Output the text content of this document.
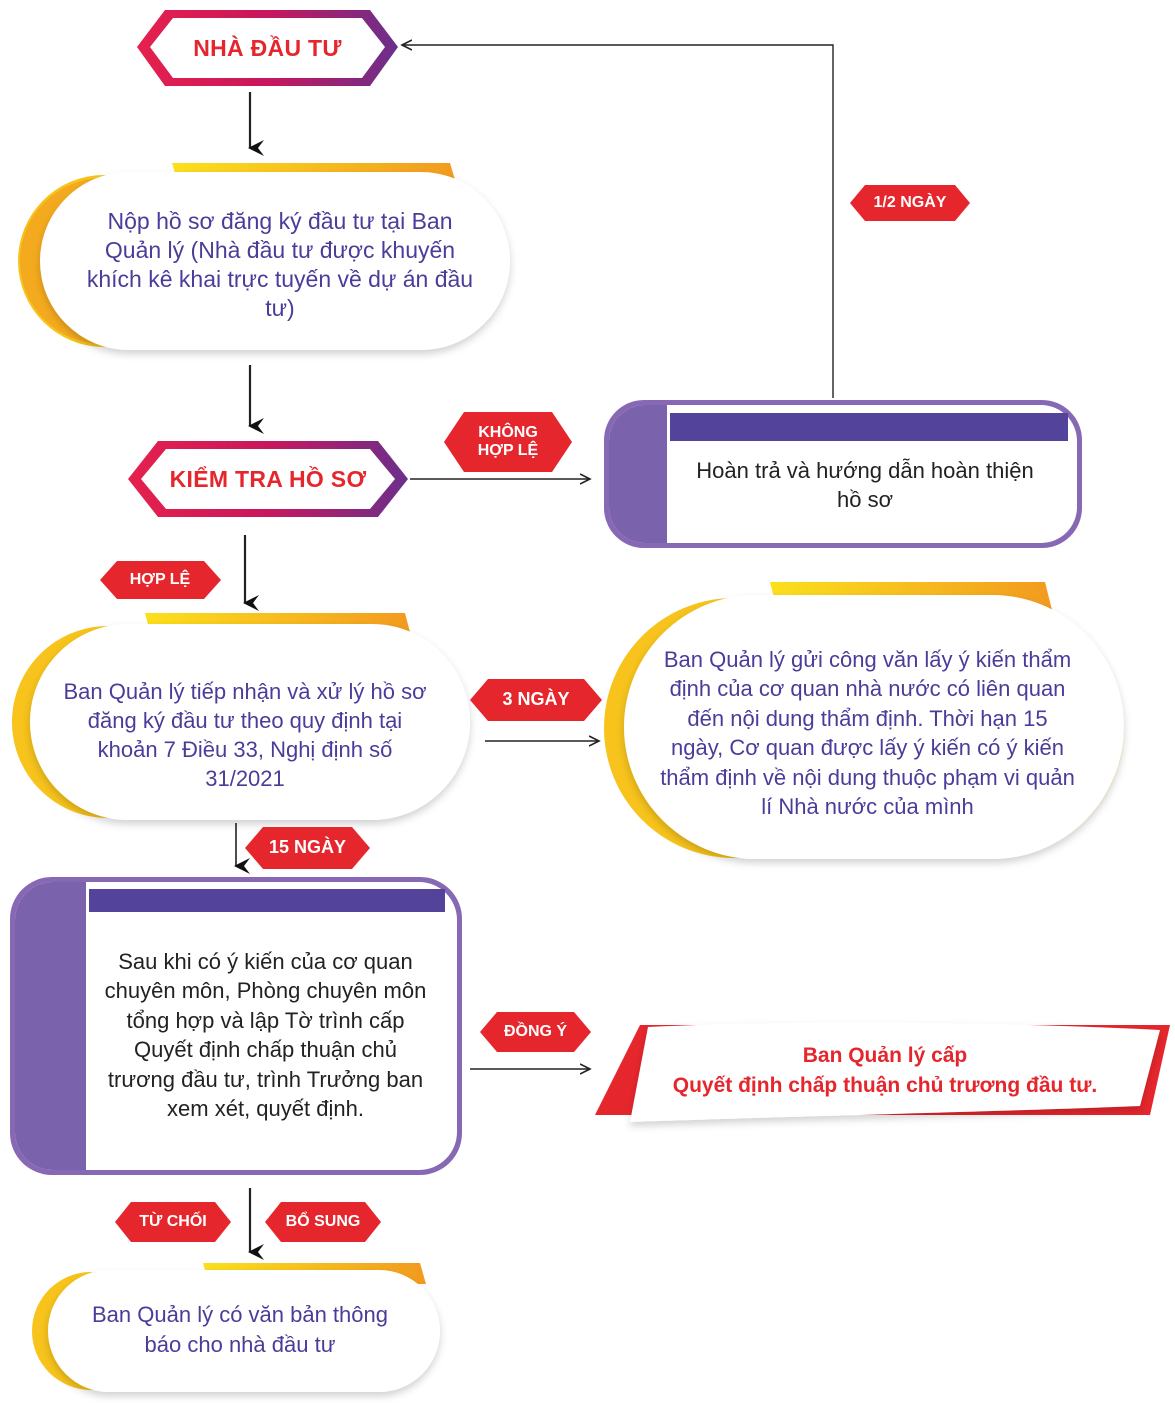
NHÀ ĐẦU TƯ
Nộp hồ sơ đăng ký đầu tư tại Ban Quản lý (Nhà đầu tư được khuyến khích kê khai trực tuyến về dự án đầu tư)
KIỂM TRA HỒ SƠ	Hoàn trả và hướng dẫn hoàn thiện hồ sơ
Ban Quản lý tiếp nhận và xử lý hồ sơ đăng ký đầu tư theo quy định tại khoản 7 Điều 33, Nghị định số 31/2021
Ban Quản lý gửi công văn lấy ý kiến thẩm định của cơ quan nhà nước có liên quan đến nội dung thẩm định. Thời hạn 15 ngày, Cơ quan được lấy ý kiến có ý kiến thẩm định về nội dung thuộc phạm vi quản lí Nhà nước của mình
Sau khi có ý kiến của cơ quan chuyên môn, Phòng chuyên môn tổng hợp và lập Tờ trình cấp Quyết định chấp thuận chủ trương đầu tư, trình Trưởng ban xem xét, quyết định.
Ban Quản lý cấp
Quyết định chấp thuận chủ trương đầu tư.
Ban Quản lý có văn bản thông báo cho nhà đầu tư
1/2 NGÀY
KHÔNG
HỢP LỆ
HỢP LỆ
3 NGÀY
15 NGÀY
ĐỒNG Ý
TỪ CHỐI	BỔ SUNG
